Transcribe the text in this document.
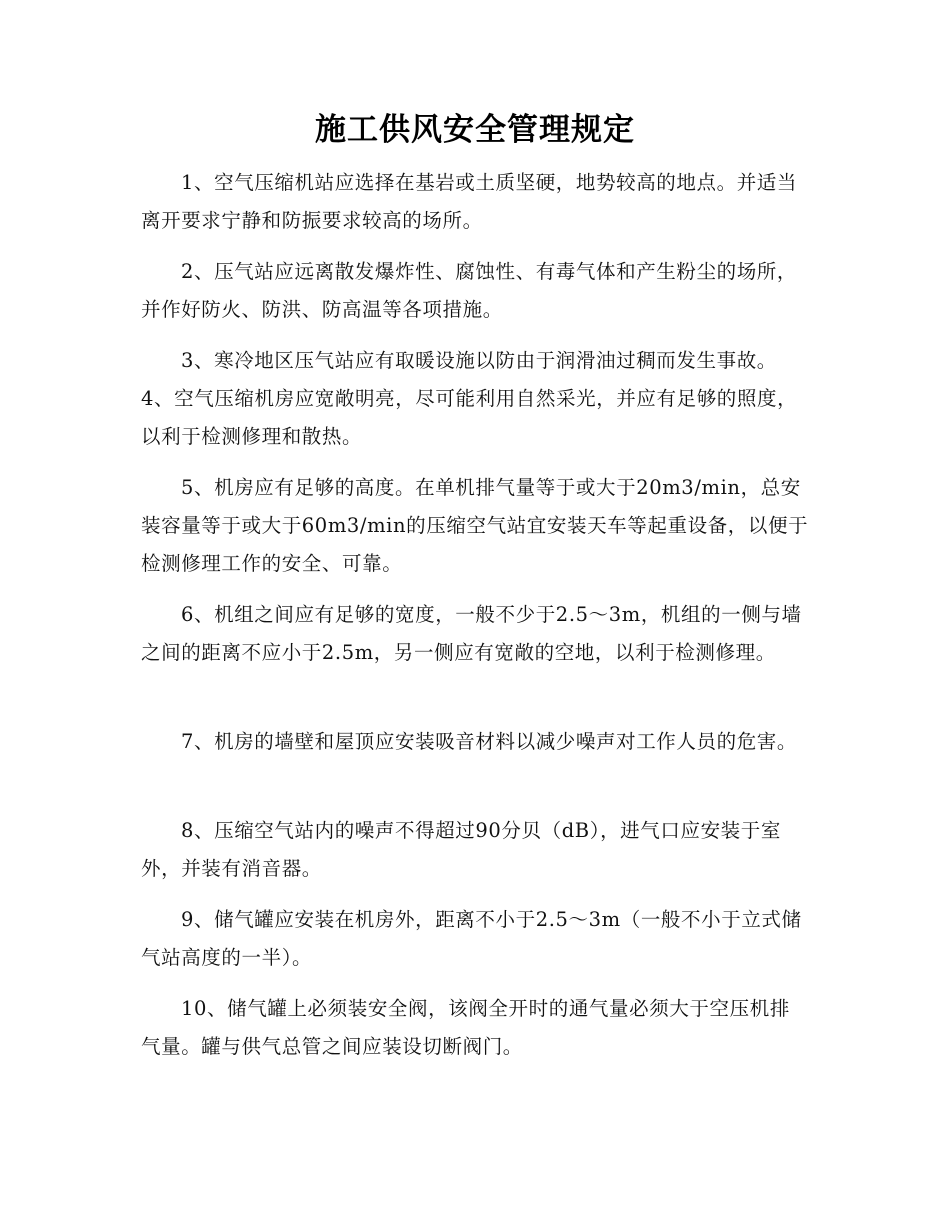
施工供风安全管理规定

1、空气压缩机站应选择在基岩或土质坚硬，地势较高的地点。并适当离开要求宁静和防振要求较高的场所。

2、压气站应远离散发爆炸性、腐蚀性、有毒气体和产生粉尘的场所，并作好防火、防洪、防高温等各项措施。

3、寒冷地区压气站应有取暖设施以防由于润滑油过稠而发生事故。4、空气压缩机房应宽敞明亮，尽可能利用自然采光，并应有足够的照度，以利于检测修理和散热。

5、机房应有足够的高度。在单机排气量等于或大于20m3/min，总安装容量等于或大于60m3/min的压缩空气站宜安装天车等起重设备，以便于检测修理工作的安全、可靠。

6、机组之间应有足够的宽度，一般不少于2.5～3m，机组的一侧与墙之间的距离不应小于2.5m，另一侧应有宽敞的空地，以利于检测修理。

7、机房的墙壁和屋顶应安装吸音材料以减少噪声对工作人员的危害。

8、压缩空气站内的噪声不得超过90分贝（dB），进气口应安装于室外，并装有消音器。

9、储气罐应安装在机房外，距离不小于2.5～3m（一般不小于立式储气站高度的一半）。

10、储气罐上必须装安全阀，该阀全开时的通气量必须大于空压机排气量。罐与供气总管之间应装设切断阀门。
